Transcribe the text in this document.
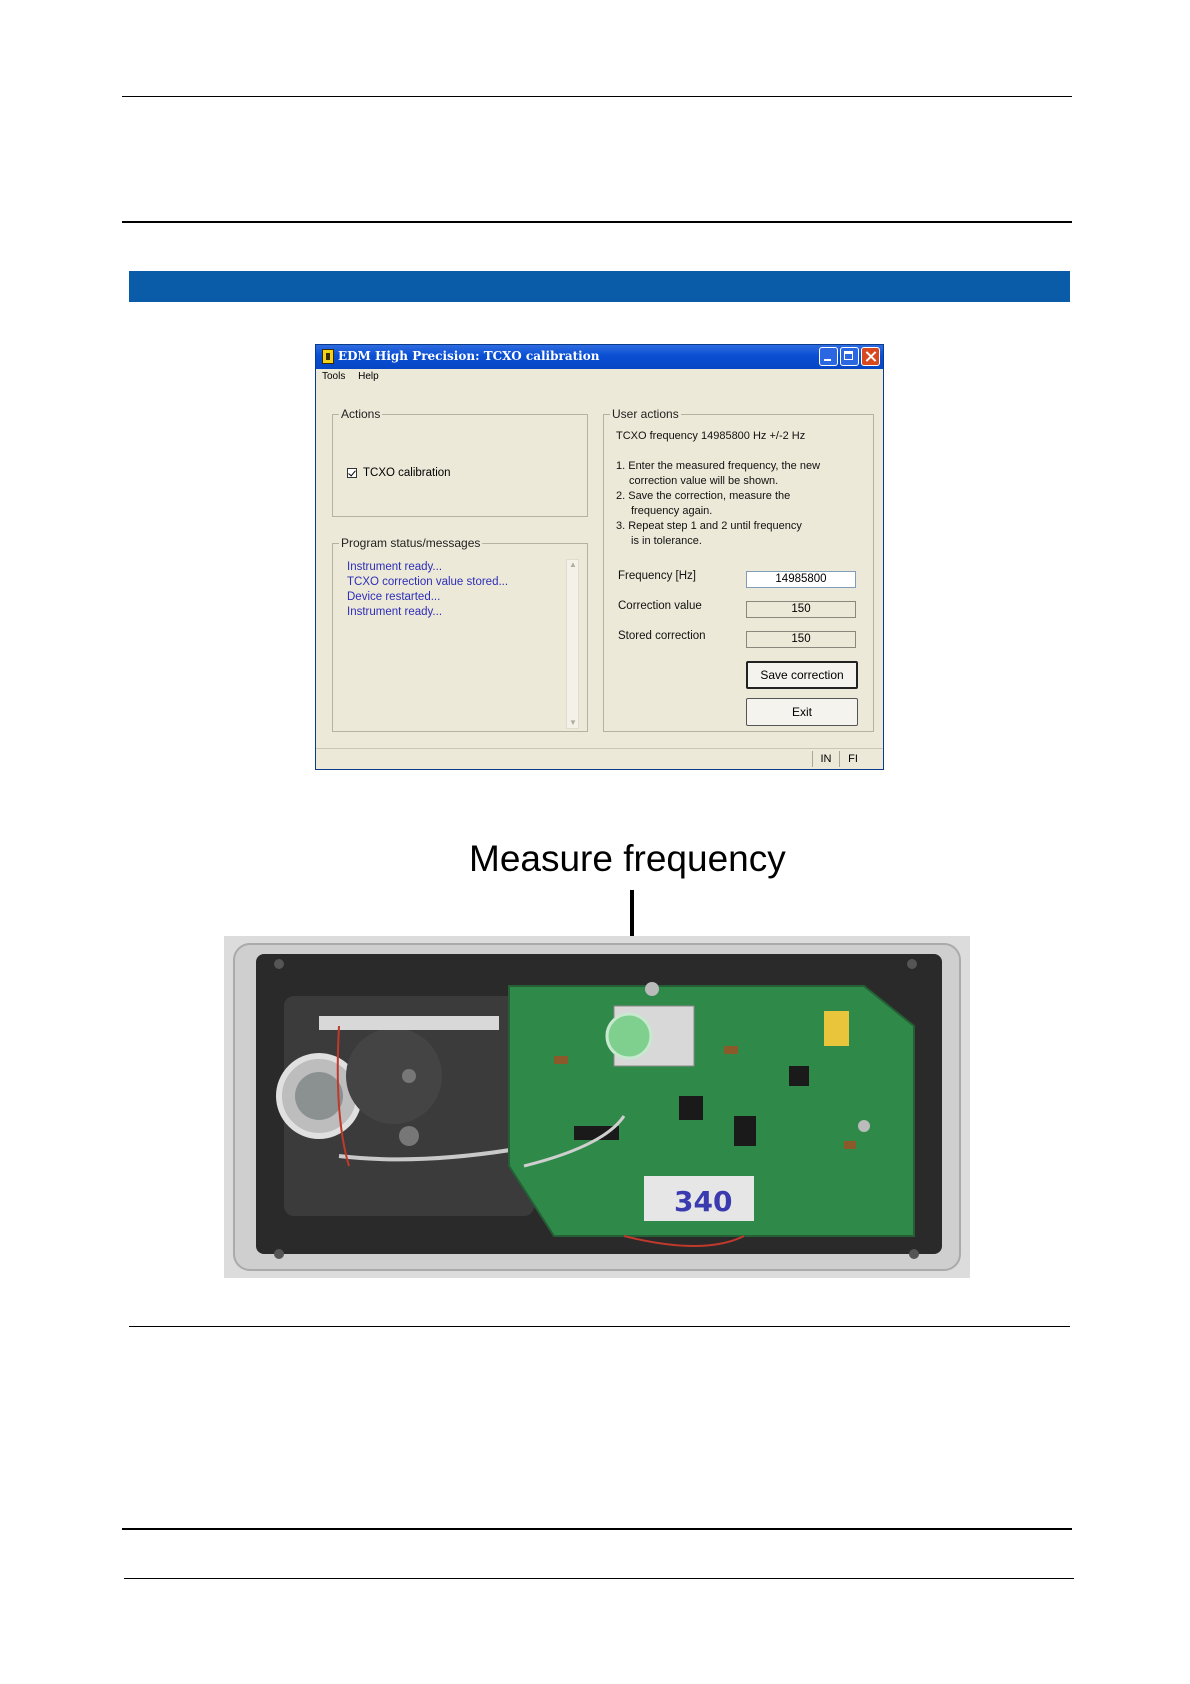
EDM High Precision: TCXO calibration
Tools Help
Actions
TCXO calibration
Program status/messages
Instrument ready...
TCXO correction value stored...
Device restarted...
Instrument ready...
▲
▼
User actions
TCXO frequency 14985800 Hz +/-2 Hz
1. Enter the measured frequency, the new
correction value will be shown.
2. Save the correction, measure the
frequency again.
3. Repeat step 1 and 2 until frequency
is in tolerance.
Frequency [Hz]	14985800
Correction value	150
Stored correction	150
Save correction
Exit
IN	FI
Measure frequency
340
